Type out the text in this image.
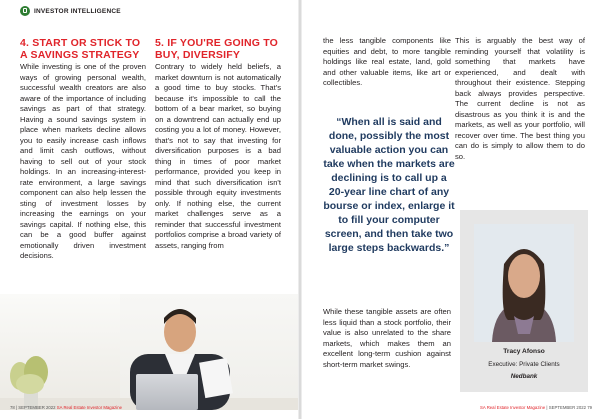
INVESTOR INTELLIGENCE
4. START OR STICK TO A SAVINGS STRATEGY

While investing is one of the proven ways of growing personal wealth, successful wealth creators are also aware of the importance of including savings as part of that strategy. Having a sound savings system in place when markets decline allows you to easily increase cash inflows and limit cash outflows, without having to sell out of your stock holdings. In an increasing-interest-rate environment, a large savings component can also help lessen the sting of investment losses by increasing the earnings on your savings capital. If nothing else, this can be a good buffer against emotionally driven investment decisions.

5. IF YOU'RE GOING TO BUY, DIVERSIFY

Contrary to widely held beliefs, a market downturn is not automatically a good time to buy stocks. That's because it's impossible to call the bottom of a bear market, so buying on a downtrend can actually end up costing you a lot of money. However, that's not to say that investing for diversification purposes is a bad thing in times of poor market performance, provided you keep in mind that such diversification isn't possible through equity investments only. If nothing else, the current market challenges serve as a reminder that successful investment portfolios comprise a broad variety of assets, ranging from

78 | SEPTEMBER 2022 SA Real Estate Investor Magazine

the less tangible components like equities and debt, to more tangible holdings like real estate, land, gold and other valuable items, like art or collectibles.

“When all is said and done, possibly the most valuable action you can take when the markets are declining is to call up a 20-year line chart of any bourse or index, enlarge it to fill your computer screen, and then take two large steps backwards.”

While these tangible assets are often less liquid than a stock portfolio, their value is also unrelated to the share markets, which makes them an excellent long-term cushion against short-term market swings.

This is arguably the best way of reminding yourself that volatility is something that markets have experienced, and dealt with throughout their existence. Stepping back always provides perspective. The current decline is not as disastrous as you think it is and the markets, as well as your portfolio, will recover over time. The best thing you can do is simply to allow them to do so.

Tracy Afonso
Executive: Private Clients
Nedbank
SA Real Estate Investor Magazine | SEPTEMBER 2022 79
